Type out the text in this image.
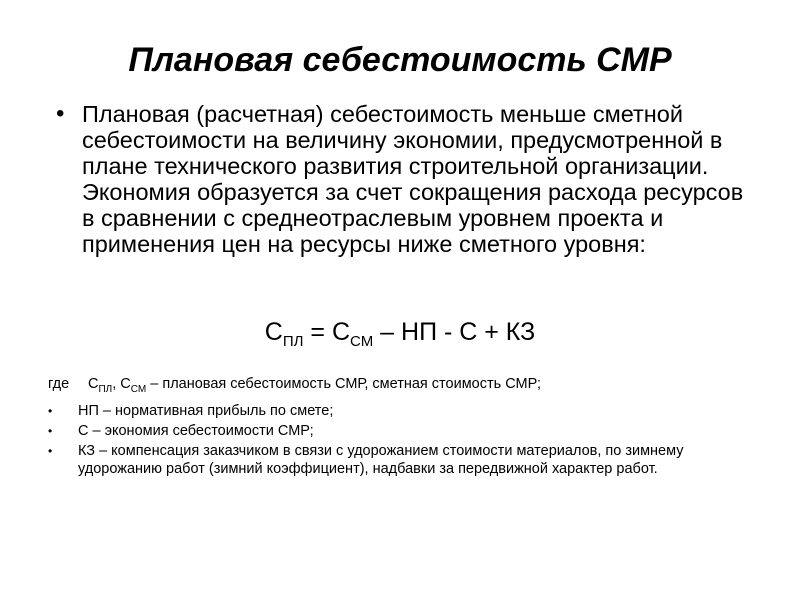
Плановая себестоимость СМР
• Плановая (расчетная) себестоимость меньше сметной себестоимости на величину экономии, предусмотренной в плане технического развития строительной организации. Экономия образуется за счет сокращения расхода ресурсов в сравнении с среднеотраслевым уровнем проекта и применения цен на ресурсы ниже сметного уровня:
$С_{ПЛ} = С_{СМ}$ – НП - С + КЗ
где $С_{ПЛ}$, $С_{СМ}$ – плановая себестоимость СМР, сметная стоимость СМР;
• НП – нормативная прибыль по смете;
• С – экономия себестоимости СМР;
• КЗ – компенсация заказчиком в связи с удорожанием стоимости материалов, по зимнему удорожанию работ (зимний коэффициент), надбавки за передвижной характер работ.
